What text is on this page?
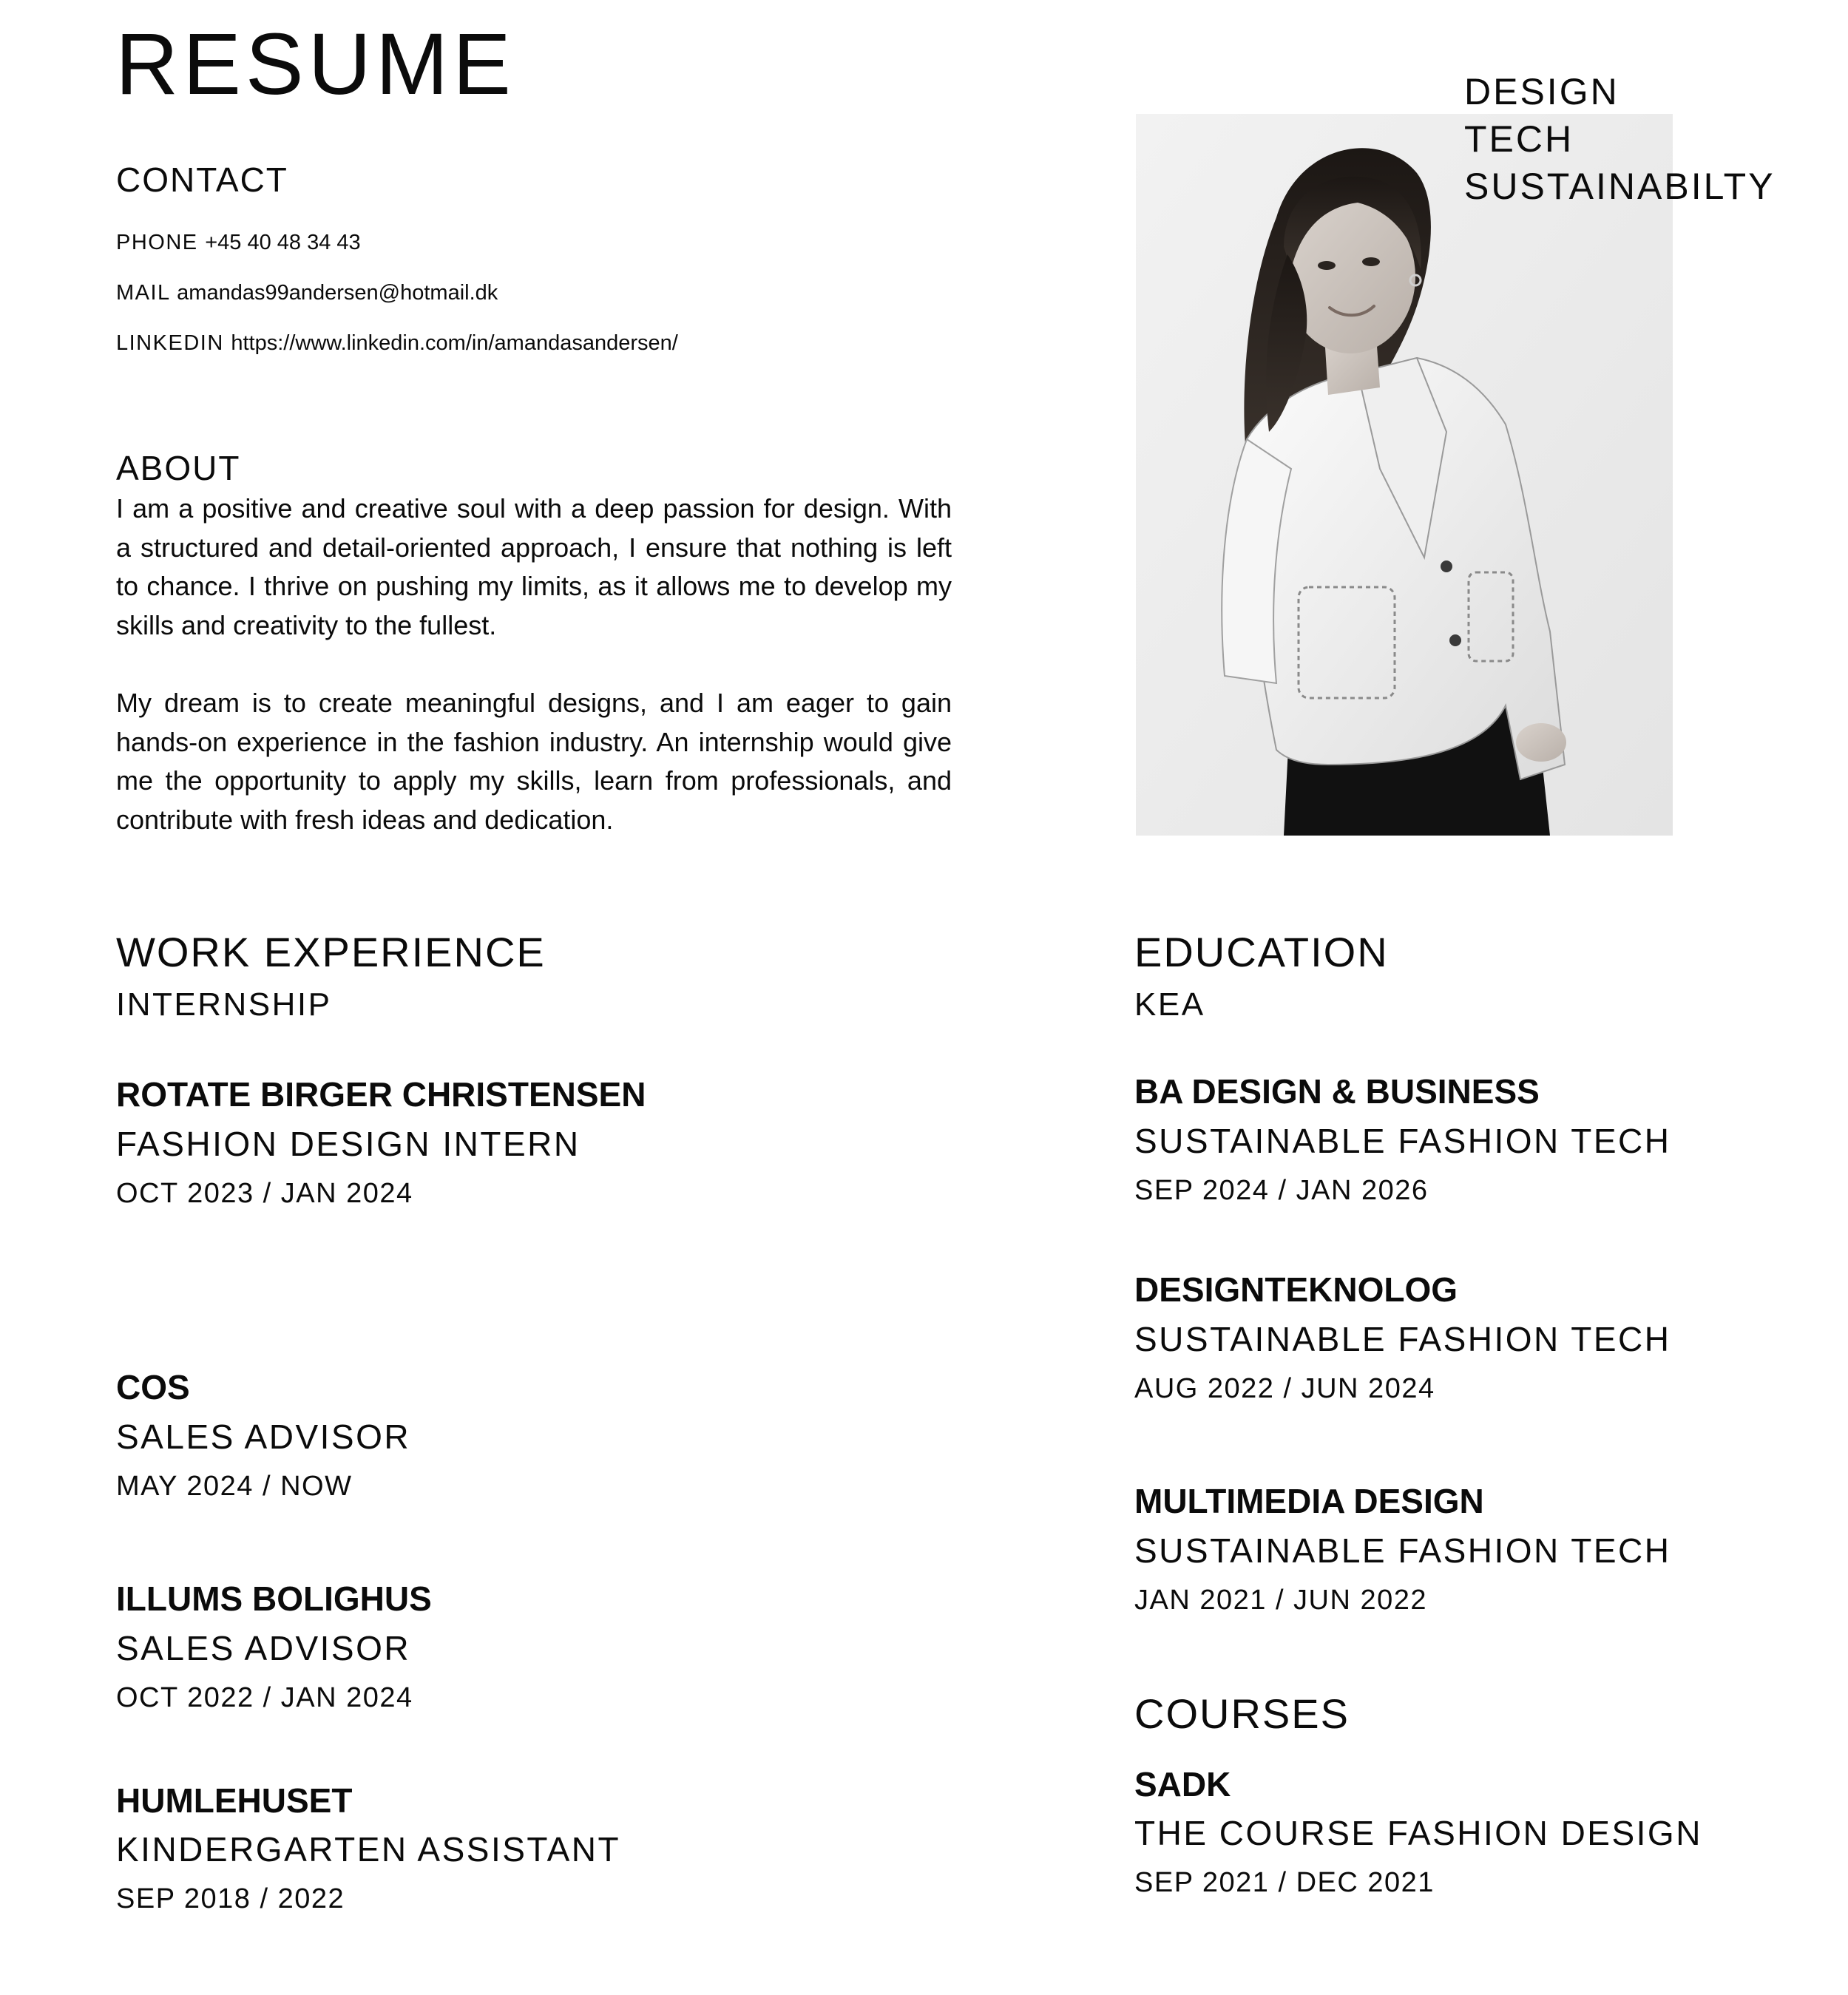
RESUME	DESIGN
TECH
SUSTAINABILTY
CONTACT
PHONE +45 40 48 34 43
MAIL amandas99andersen@hotmail.dk
LINKEDIN https://www.linkedin.com/in/amandasandersen/
ABOUT
I am a positive and creative soul with a deep passion for design. With a structured and detail-oriented approach, I ensure that nothing is left to chance. I thrive on pushing my limits, as it allows me to develop my skills and creativity to the fullest.
My dream is to create meaningful designs, and I am eager to gain hands-on experience in the fashion industry. An internship would give me the opportunity to apply my skills, learn from professionals, and contribute with fresh ideas and dedication.
WORK EXPERIENCE
INTERNSHIP
ROTATE BIRGER CHRISTENSEN
FASHION DESIGN INTERN
OCT 2023 / JAN 2024
COS
SALES ADVISOR
MAY 2024 / NOW
ILLUMS BOLIGHUS
SALES ADVISOR
OCT 2022 / JAN 2024
HUMLEHUSET
KINDERGARTEN ASSISTANT
SEP 2018 / 2022
EDUCATION
KEA
BA DESIGN & BUSINESS
SUSTAINABLE FASHION TECH
SEP 2024 / JAN 2026
DESIGNTEKNOLOG
SUSTAINABLE FASHION TECH
AUG 2022 / JUN 2024
MULTIMEDIA DESIGN
SUSTAINABLE FASHION TECH
JAN 2021 / JUN 2022
COURSES
SADK
THE COURSE FASHION DESIGN
SEP 2021 / DEC 2021
